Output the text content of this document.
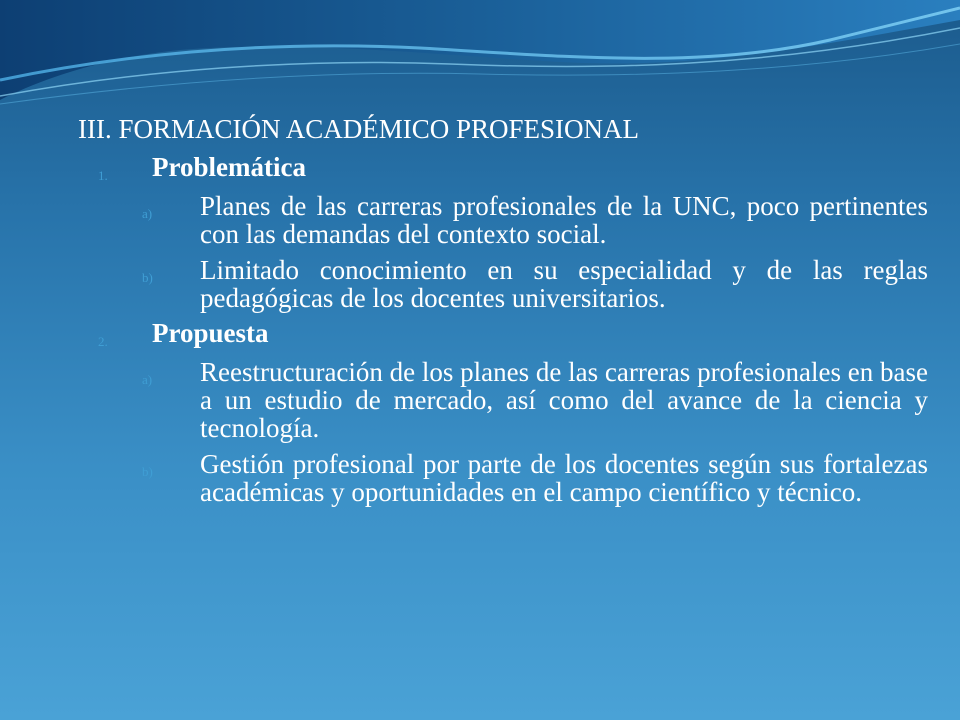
III. FORMACIÓN ACADÉMICO PROFESIONAL
1. Problemática
a) Planes de las carreras profesionales de la UNC, poco pertinentes con las demandas del contexto social.
b) Limitado conocimiento en su especialidad y de las reglas pedagógicas de los docentes universitarios.
2. Propuesta
a) Reestructuración de los planes de las carreras profesionales en base a un estudio de mercado, así como del avance de la ciencia y tecnología.
b) Gestión profesional por parte de los docentes según sus fortalezas académicas y oportunidades en el campo científico y técnico.
